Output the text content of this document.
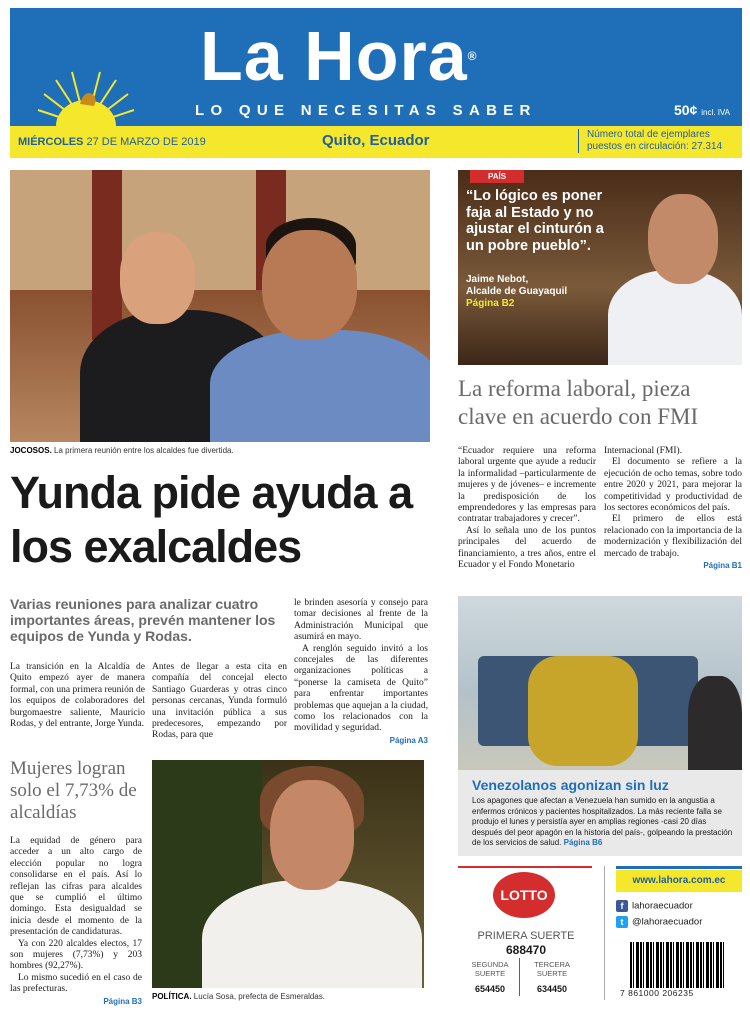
La Hora®
LO QUE NECESITAS SABER	50¢ incl. IVA
MIÉRCOLES 27 DE MARZO DE 2019	Quito, Ecuador	Número total de ejemplares puestos en circulación: 27.314
JOCOSOS. La primera reunión entre los alcaldes fue divertida.
Yunda pide ayuda a los exalcaldes
Varias reuniones para analizar cuatro importantes áreas, prevén mantener los equipos de Yunda y Rodas.
La transición en la Alcaldía de Quito empezó ayer de manera formal, con una primera reunión de los equipos de colaboradores del burgomaestre saliente, Mauricio Rodas, y del entrante, Jorge Yunda.
Antes de llegar a esta cita en compañía del concejal electo Santiago Guarderas y otras cinco personas cercanas, Yunda formuló una invitación pública a sus predecesores, empezando por Rodas, para que

le brinden asesoría y consejo para tomar decisiones al frente de la Administración Municipal que asumirá en mayo.

A renglón seguido invitó a los concejales de las diferentes organizaciones políticas a “ponerse la camiseta de Quito” para enfrentar importantes problemas que aquejan a la ciudad, como los relacionados con la movilidad y seguridad.

Página A3
Mujeres logran solo el 7,73% de alcaldías

La equidad de género para acceder a un alto cargo de elección popular no logra consolidarse en el país. Así lo reflejan las cifras para alcaldes que se cumplió el último domingo. Esta desigualdad se inicia desde el momento de la presentación de candidaturas.

Ya con 220 alcaldes electos, 17 son mujeres (7,73%) y 203 hombres (92,27%).

Lo mismo sucedió en el caso de las prefecturas.

Página B3
POLÍTICA. Lucía Sosa, prefecta de Esmeraldas.
PAÍS
“Lo lógico es poner faja al Estado y no ajustar el cinturón a un pobre pueblo”.
Jaime Nebot,
Alcalde de Guayaquil
Página B2
La reforma laboral, pieza clave en acuerdo con FMI

“Ecuador requiere una reforma laboral urgente que ayude a reducir la informalidad –particularmente de mujeres y de jóvenes– e incremente la predisposición de los emprendedores y las empresas para contratar trabajadores y crecer”.

Así lo señala uno de los puntos principales del acuerdo de financiamiento, a tres años, entre el Ecuador y el Fondo Monetario

Internacional (FMI).

El documento se refiere a la ejecución de ocho temas, sobre todo entre 2020 y 2021, para mejorar la competitividad y productividad de los sectores económicos del país.

El primero de ellos está relacionado con la importancia de la modernización y flexibilización del mercado de trabajo.

Página B1
Venezolanos agonizan sin luz
Los apagones que afectan a Venezuela han sumido en la angustia a enfermos crónicos y pacientes hospitalizados. La más reciente falla se produjo el lunes y persistía ayer en amplias regiones -casi 20 días después del peor apagón en la historia del país-, golpeando la prestación de los servicios de salud. Página B6
LOTTO
PRIMERA SUERTE
688470
SEGUNDA SUERTE
654450
TERCERA SUERTE
634450
www.lahora.com.ec
f lahoraecuador
t @lahoraecuador
7 861000 206235
